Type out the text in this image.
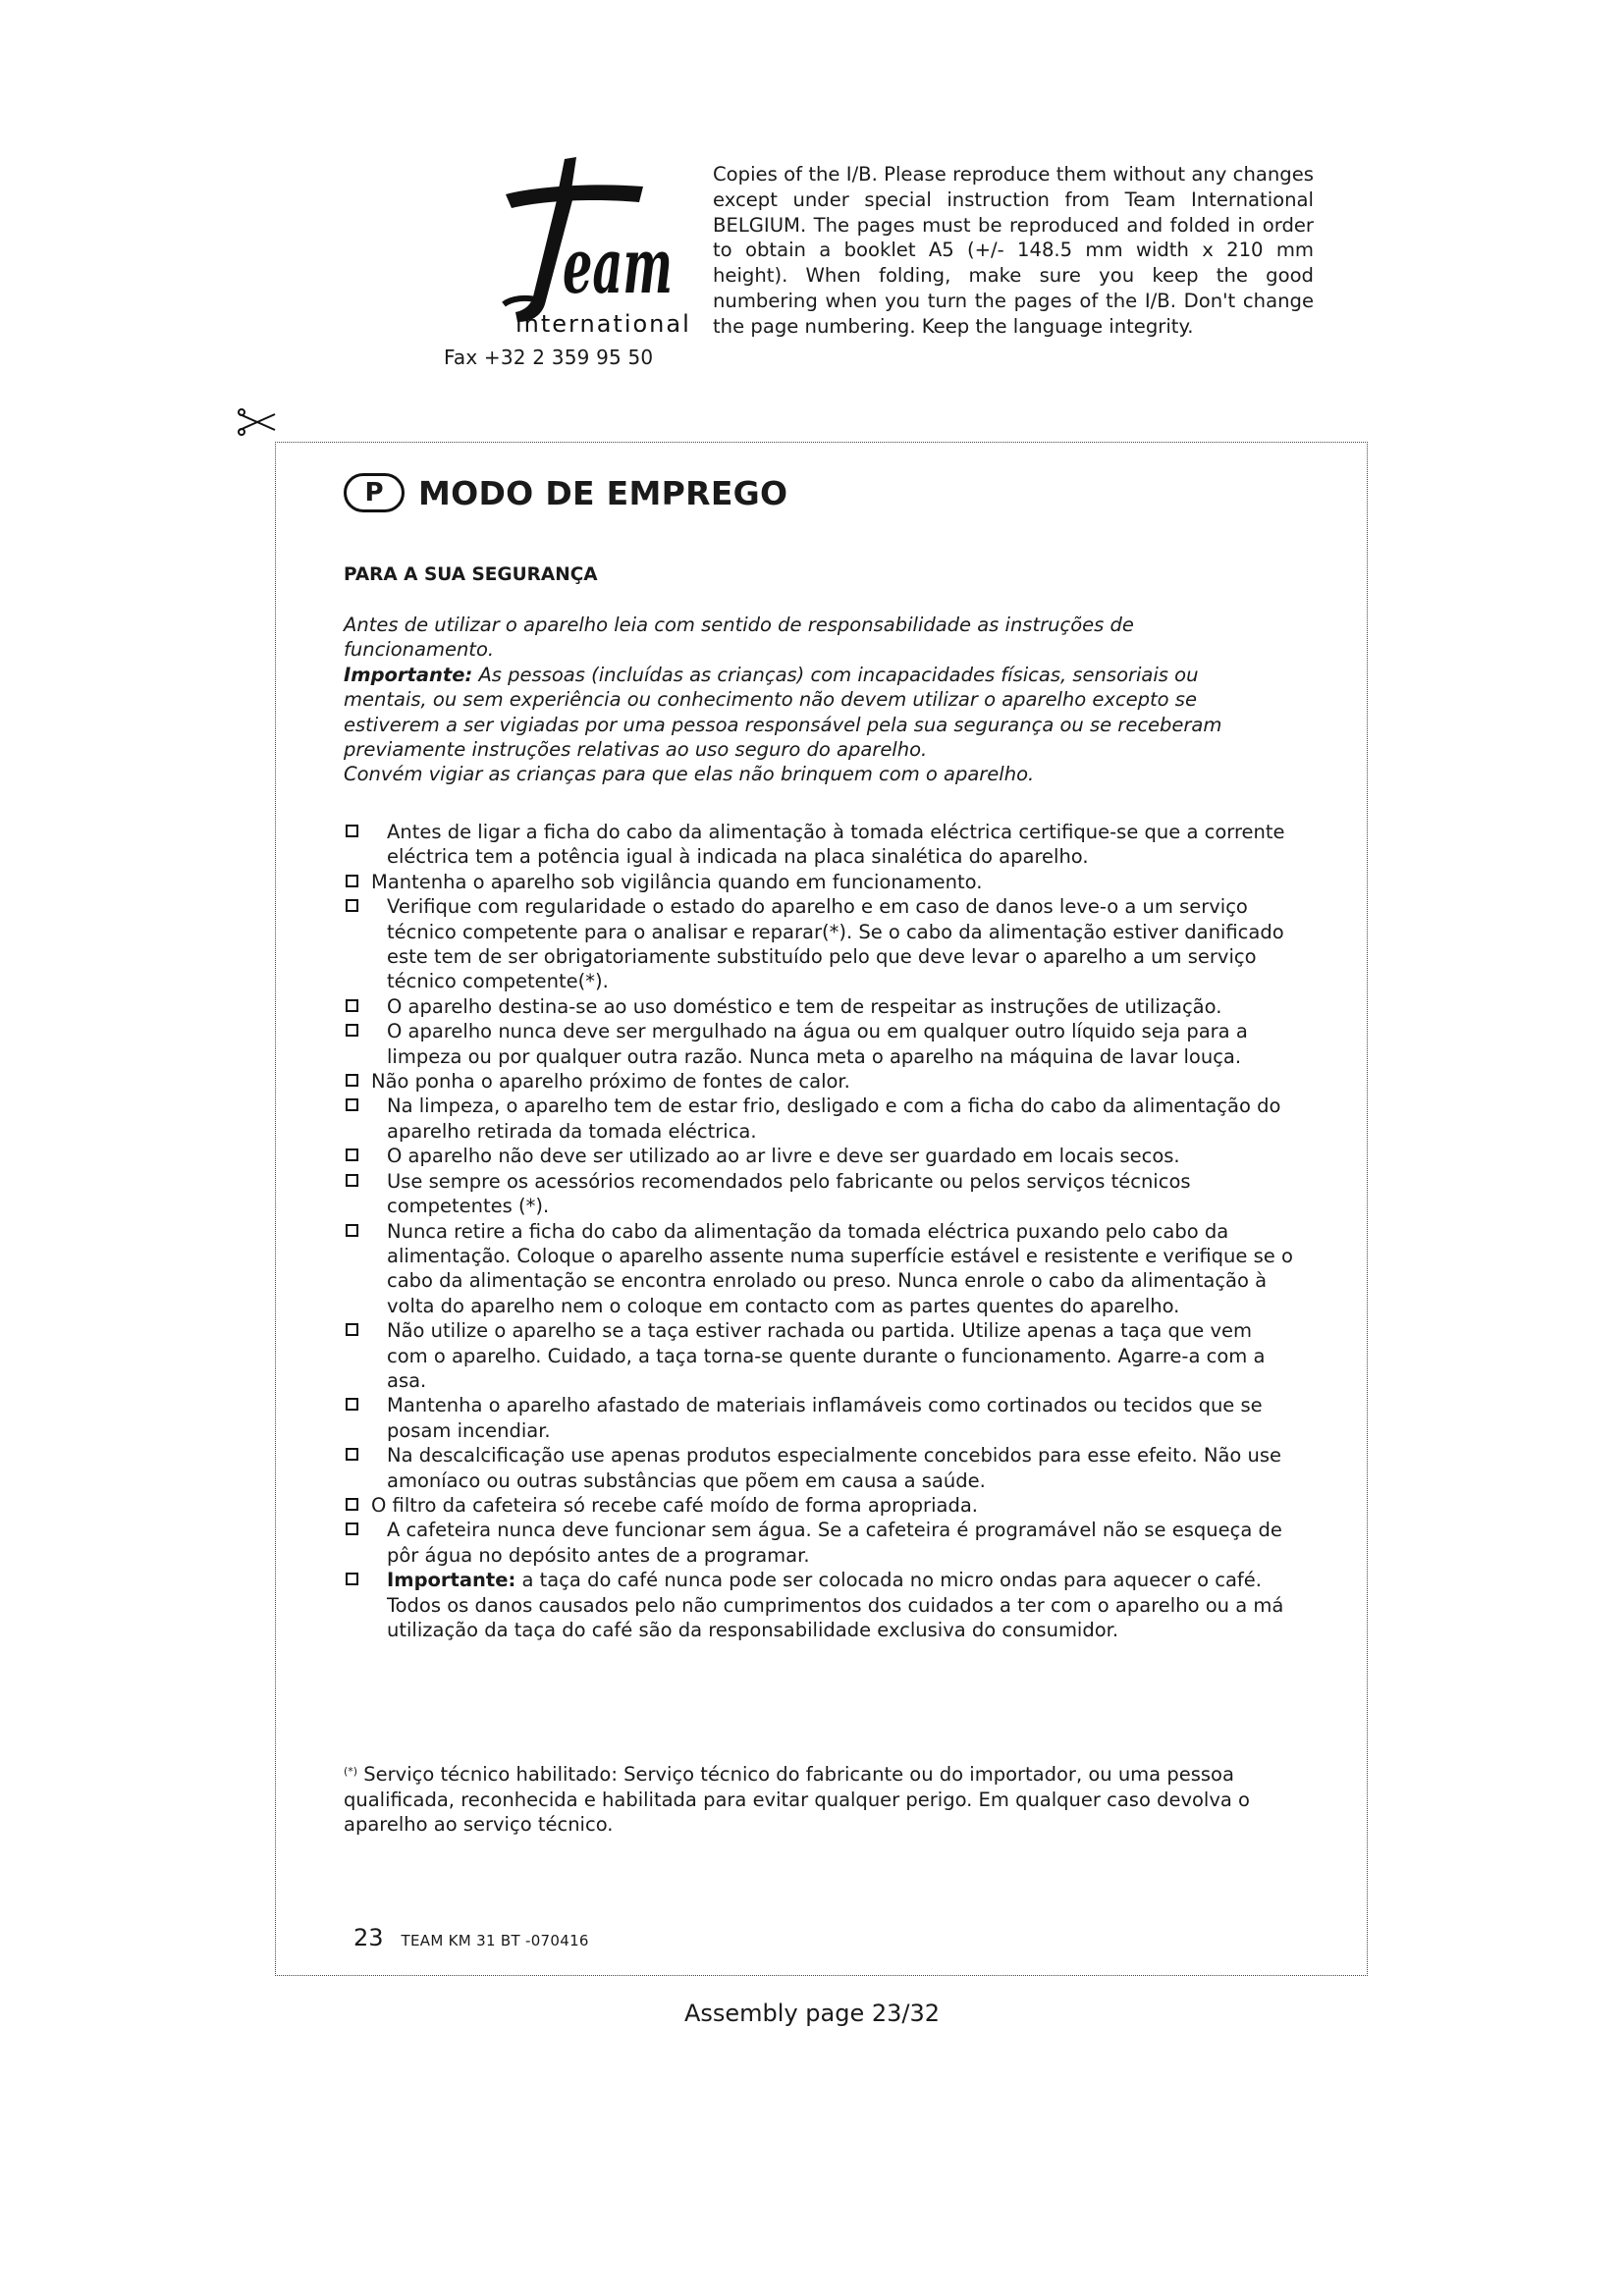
eam
international
Fax +32 2 359 95 50
Copies of the I/B. Please reproduce them without any changes except under special instruction from Team International BELGIUM. The pages must be reproduced and folded in order to obtain a booklet A5 (+/- 148.5 mm width x 210 mm height). When folding, make sure you keep the good numbering when you turn the pages of the I/B. Don't change the page numbering. Keep the language integrity.
P	MODO DE EMPREGO
PARA A SUA SEGURANÇA

Antes de utilizar o aparelho leia com sentido de responsabilidade as instruções de funcionamento.

Importante: As pessoas (incluídas as crianças) com incapacidades físicas, sensoriais ou mentais, ou sem experiência ou conhecimento não devem utilizar o aparelho excepto se estiverem a ser vigiadas por uma pessoa responsável pela sua segurança ou se receberam previamente instruções relativas ao uso seguro do aparelho.

Convém vigiar as crianças para que elas não brinquem com o aparelho.

Antes de ligar a ficha do cabo da alimentação à tomada eléctrica certifique-se que a corrente eléctrica tem a potência igual à indicada na placa sinalética do aparelho.
Mantenha o aparelho sob vigilância quando em funcionamento.
Verifique com regularidade o estado do aparelho e em caso de danos leve-o a um serviço técnico competente para o analisar e reparar(*). Se o cabo da alimentação estiver danificado este tem de ser obrigatoriamente substituído pelo que deve levar o aparelho a um serviço técnico competente(*).
O aparelho destina-se ao uso doméstico e tem de respeitar as instruções de utilização.
O aparelho nunca deve ser mergulhado na água ou em qualquer outro líquido seja para a limpeza ou por qualquer outra razão. Nunca meta o aparelho na máquina de lavar louça.
Não ponha o aparelho próximo de fontes de calor.
Na limpeza, o aparelho tem de estar frio, desligado e com a ficha do cabo da alimentação do aparelho retirada da tomada eléctrica.
O aparelho não deve ser utilizado ao ar livre e deve ser guardado em locais secos.
Use sempre os acessórios recomendados pelo fabricante ou pelos serviços técnicos competentes (*).
Nunca retire a ficha do cabo da alimentação da tomada eléctrica puxando pelo cabo da alimentação. Coloque o aparelho assente numa superfície estável e resistente e verifique se o cabo da alimentação se encontra enrolado ou preso. Nunca enrole o cabo da alimentação à volta do aparelho nem o coloque em contacto com as partes quentes do aparelho.
Não utilize o aparelho se a taça estiver rachada ou partida. Utilize apenas a taça que vem com o aparelho. Cuidado, a taça torna-se quente durante o funcionamento. Agarre-a com a asa.
Mantenha o aparelho afastado de materiais inflamáveis como cortinados ou tecidos que se posam incendiar.
Na descalcificação use apenas produtos especialmente concebidos para esse efeito. Não use amoníaco ou outras substâncias que põem em causa a saúde.
O filtro da cafeteira só recebe café moído de forma apropriada.
A cafeteira nunca deve funcionar sem água. Se a cafeteira é programável não se esqueça de pôr água no depósito antes de a programar.
Importante: a taça do café nunca pode ser colocada no micro ondas para aquecer o café. Todos os danos causados pelo não cumprimentos dos cuidados a ter com o aparelho ou a má utilização da taça do café são da responsabilidade exclusiva do consumidor.
(*) Serviço técnico habilitado: Serviço técnico do fabricante ou do importador, ou uma pessoa qualificada, reconhecida e habilitada para evitar qualquer perigo. Em qualquer caso devolva o aparelho ao serviço técnico.
23 TEAM KM 31 BT -070416
Assembly page 23/32
